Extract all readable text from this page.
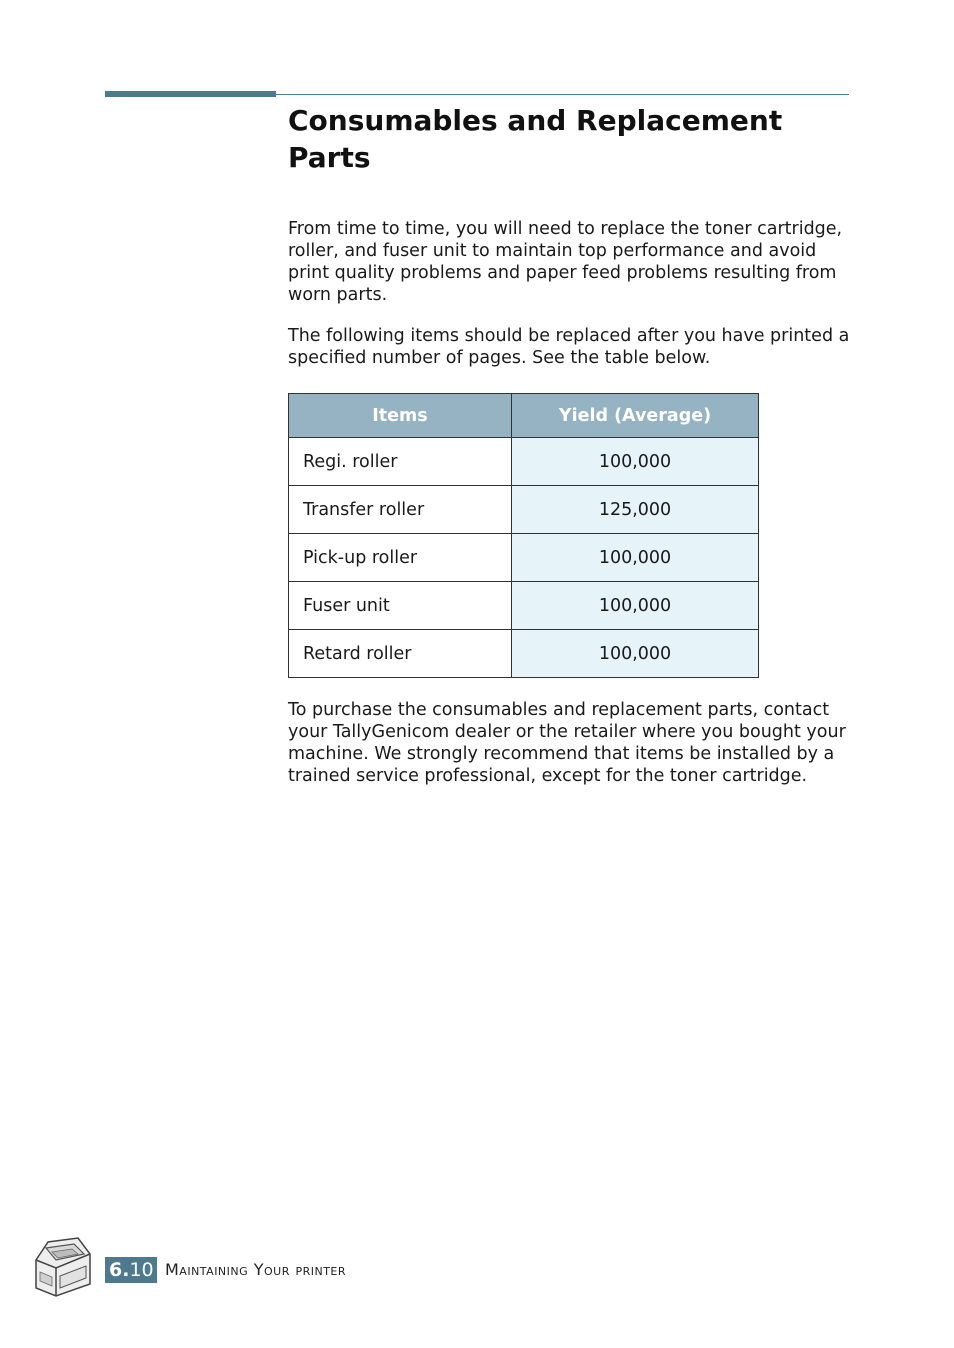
Consumables and Replacement Parts

From time to time, you will need to replace the toner cartridge, roller, and fuser unit to maintain top performance and avoid print quality problems and paper feed problems resulting from worn parts.

The following items should be replaced after you have printed a specified number of pages. See the table below.

Items	Yield (Average)
Regi. roller	100,000
Transfer roller	125,000
Pick-up roller	100,000
Fuser unit	100,000
Retard roller	100,000

To purchase the consumables and replacement parts, contact your TallyGenicom dealer or the retailer where you bought your machine. We strongly recommend that items be installed by a trained service professional, except for the toner cartridge.

6.10 Maintaining Your printer
